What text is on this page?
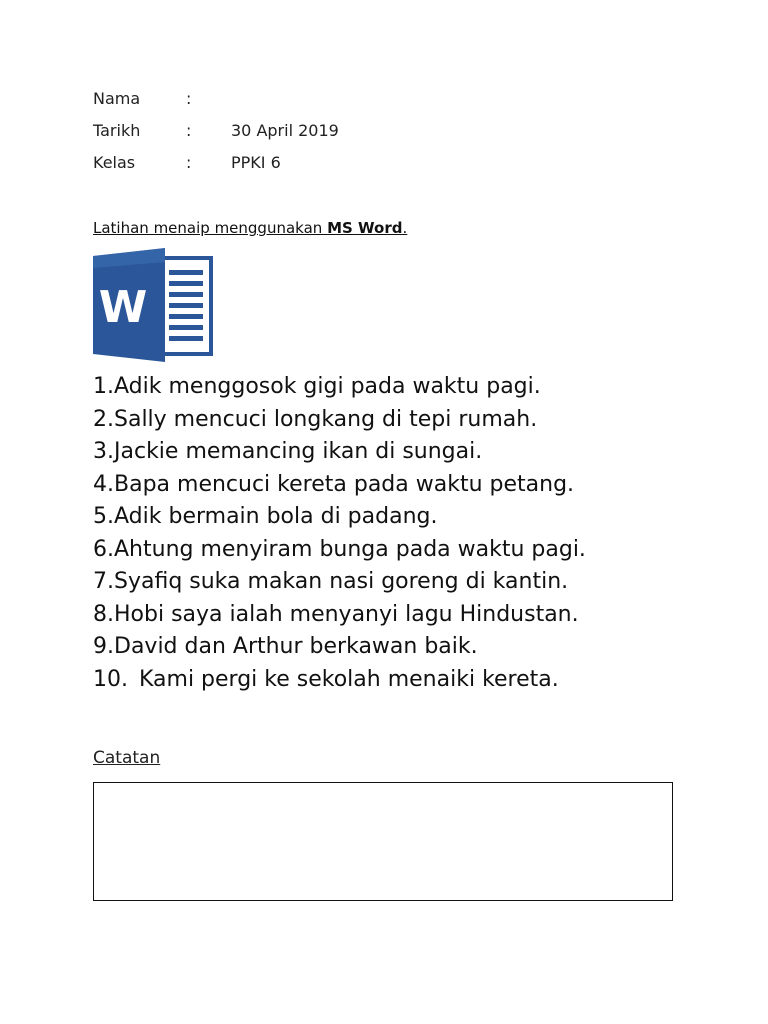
Nama	:
Tarikh	:	30 April 2019
Kelas	:	PPKI 6
Latihan menaip menggunakan MS Word.
W
1.Adik menggosok gigi pada waktu pagi.
2.Sally mencuci longkang di tepi rumah.
3.Jackie memancing ikan di sungai.
4.Bapa mencuci kereta pada waktu petang.
5.Adik bermain bola di padang.
6.Ahtung menyiram bunga pada waktu pagi.
7.Syafiq suka makan nasi goreng di kantin.
8.Hobi saya ialah menyanyi lagu Hindustan.
9.David dan Arthur berkawan baik.
10. Kami pergi ke sekolah menaiki kereta.
Catatan
